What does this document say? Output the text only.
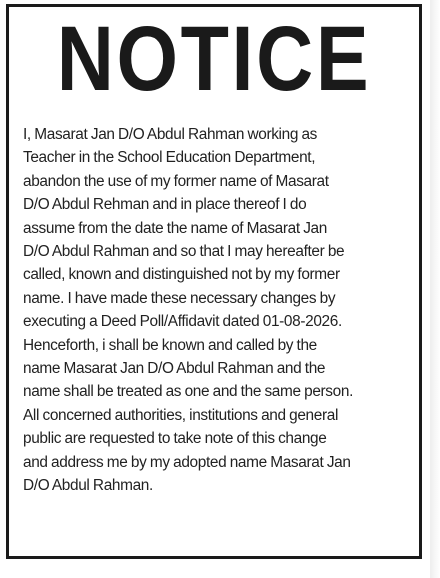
NOTICE
I, Masarat Jan D/O Abdul Rahman working as
Teacher in the School Education Department,
abandon the use of my former name of Masarat
D/O Abdul Rehman and in place thereof I do
assume from the date the name of Masarat Jan
D/O Abdul Rahman and so that I may hereafter be
called, known and distinguished not by my former
name. I have made these necessary changes by
executing a Deed Poll/Affidavit dated 01-08-2026.
Henceforth, i shall be known and called by the
name Masarat Jan D/O Abdul Rahman and the
name shall be treated as one and the same person.
All concerned authorities, institutions and general
public are requested to take note of this change
and address me by my adopted name Masarat Jan
D/O Abdul Rahman.
